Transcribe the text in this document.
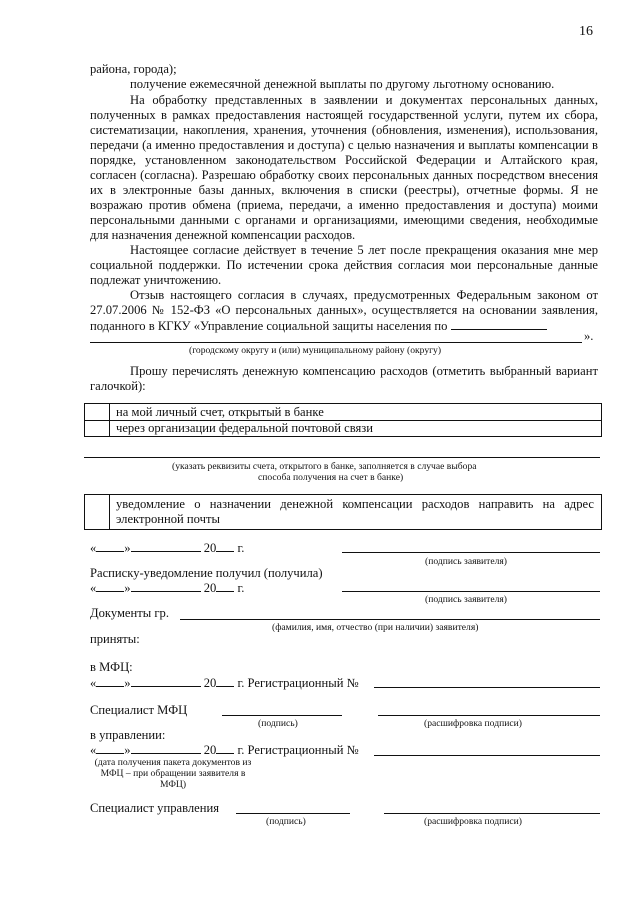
16
района, города);
получение ежемесячной денежной выплаты по другому льготному основанию.

На обработку представленных в заявлении и документах персональных данных, полученных в рамках предоставления настоящей государственной услуги, путем их сбора, систематизации, накопления, хранения, уточнения (обновления, изменения), использования, передачи (а именно предоставления и доступа) с целью назначения и выплаты компенсации в порядке, установленном законодательством Российской Федерации и Алтайского края, согласен (согласна). Разрешаю обработку своих персональных данных посредством внесения их в электронные базы данных, включения в списки (реестры), отчетные формы. Я не возражаю против обмена (приема, передачи, а именно предоставления и доступа) моими персональными данными с органами и организациями, имеющими сведения, необходимые для назначения денежной компенсации расходов.

Настоящее согласие действует в течение 5 лет после прекращения оказания мне мер социальной поддержки. По истечении срока действия согласия мои персональные данные подлежат уничтожению.

Отзыв настоящего согласия в случаях, предусмотренных Федеральным законом от 27.07.2006 № 152-ФЗ «О персональных данных», осуществляется на основании заявления, поданного в КГКУ «Управление социальной защиты населения по

».
(городскому округу и (или) муниципальному району (округу)

Прошу перечислять денежную компенсацию расходов (отметить выбранный вариант галочкой):

на мой личный счет, открытый в банке
через организации федеральной почтовой связи
(указать реквизиты счета, открытого в банке, заполняется в случае выбора
способа получения на счет в банке)
уведомление о назначении денежной компенсации расходов направить на адрес электронной почты
« »	20 г.
(подпись заявителя)
Расписку-уведомление получил (получила)
« »	20 г.
(подпись заявителя)
Документы гр.
(фамилия, имя, отчество (при наличии) заявителя)
приняты:
в МФЦ:
« »	20 г. Регистрационный №
Специалист МФЦ
(подпись)	(расшифровка подписи)
в управлении:
« »	20 г. Регистрационный №
(дата получения пакета документов из МФЦ – при обращении заявителя в МФЦ)
Специалист управления
(подпись)	(расшифровка подписи)
